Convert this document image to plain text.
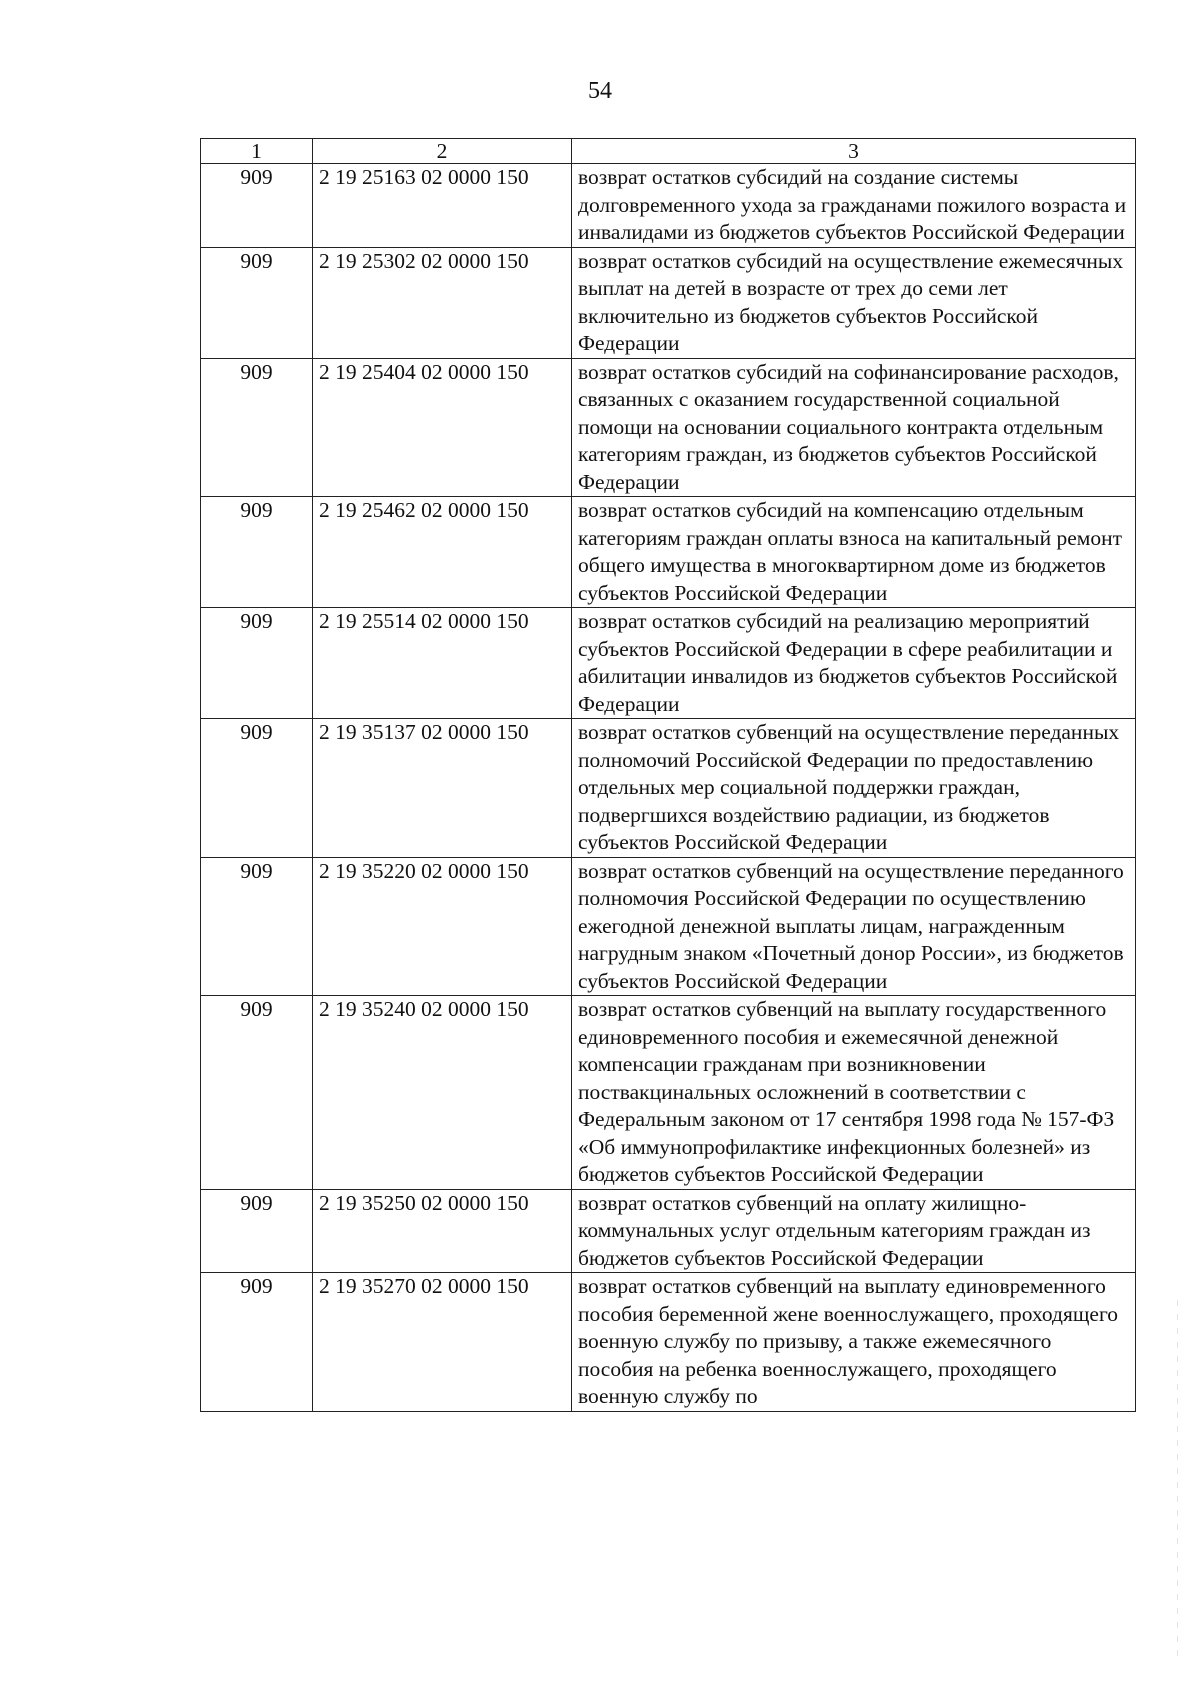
54
1	2	3
909	2 19 25163 02 0000 150	возврат остатков субсидий на создание системы долговременного ухода за гражданами пожилого возраста и инвалидами из бюджетов субъектов Российской Федерации
909	2 19 25302 02 0000 150	возврат остатков субсидий на осуществление ежемесячных выплат на детей в возрасте от трех до семи лет включительно из бюджетов субъектов Российской Федерации
909	2 19 25404 02 0000 150	возврат остатков субсидий на софинансирование расходов, связанных с оказанием государственной социальной помощи на основании социального контракта отдельным категориям граждан, из бюджетов субъектов Российской Федерации
909	2 19 25462 02 0000 150	возврат остатков субсидий на компенсацию отдельным категориям граждан оплаты взноса на капитальный ремонт общего имущества в многоквартирном доме из бюджетов субъектов Российской Федерации
909	2 19 25514 02 0000 150	возврат остатков субсидий на реализацию мероприятий субъектов Российской Федерации в сфере реабилитации и абилитации инвалидов из бюджетов субъектов Российской Федерации
909	2 19 35137 02 0000 150	возврат остатков субвенций на осуществление переданных полномочий Российской Федерации по предоставлению отдельных мер социальной поддержки граждан, подвергшихся воздействию радиации, из бюджетов субъектов Российской Федерации
909	2 19 35220 02 0000 150	возврат остатков субвенций на осуществление переданного полномочия Российской Федерации по осуществлению ежегодной денежной выплаты лицам, награжденным нагрудным знаком «Почетный донор России», из бюджетов субъектов Российской Федерации
909	2 19 35240 02 0000 150	возврат остатков субвенций на выплату государственного единовременного пособия и ежемесячной денежной компенсации гражданам при возникновении поствакцинальных осложнений в соответствии с Федеральным законом от 17 сентября 1998 года № 157-ФЗ «Об иммунопрофилактике инфекционных болезней» из бюджетов субъектов Российской Федерации
909	2 19 35250 02 0000 150	возврат остатков субвенций на оплату жилищно-коммунальных услуг отдельным категориям граждан из бюджетов субъектов Российской Федерации
909	2 19 35270 02 0000 150	возврат остатков субвенций на выплату единовременного пособия беременной жене военнослужащего, проходящего военную службу по призыву, а также ежемесячного пособия на ребенка военнослужащего, проходящего военную службу по
